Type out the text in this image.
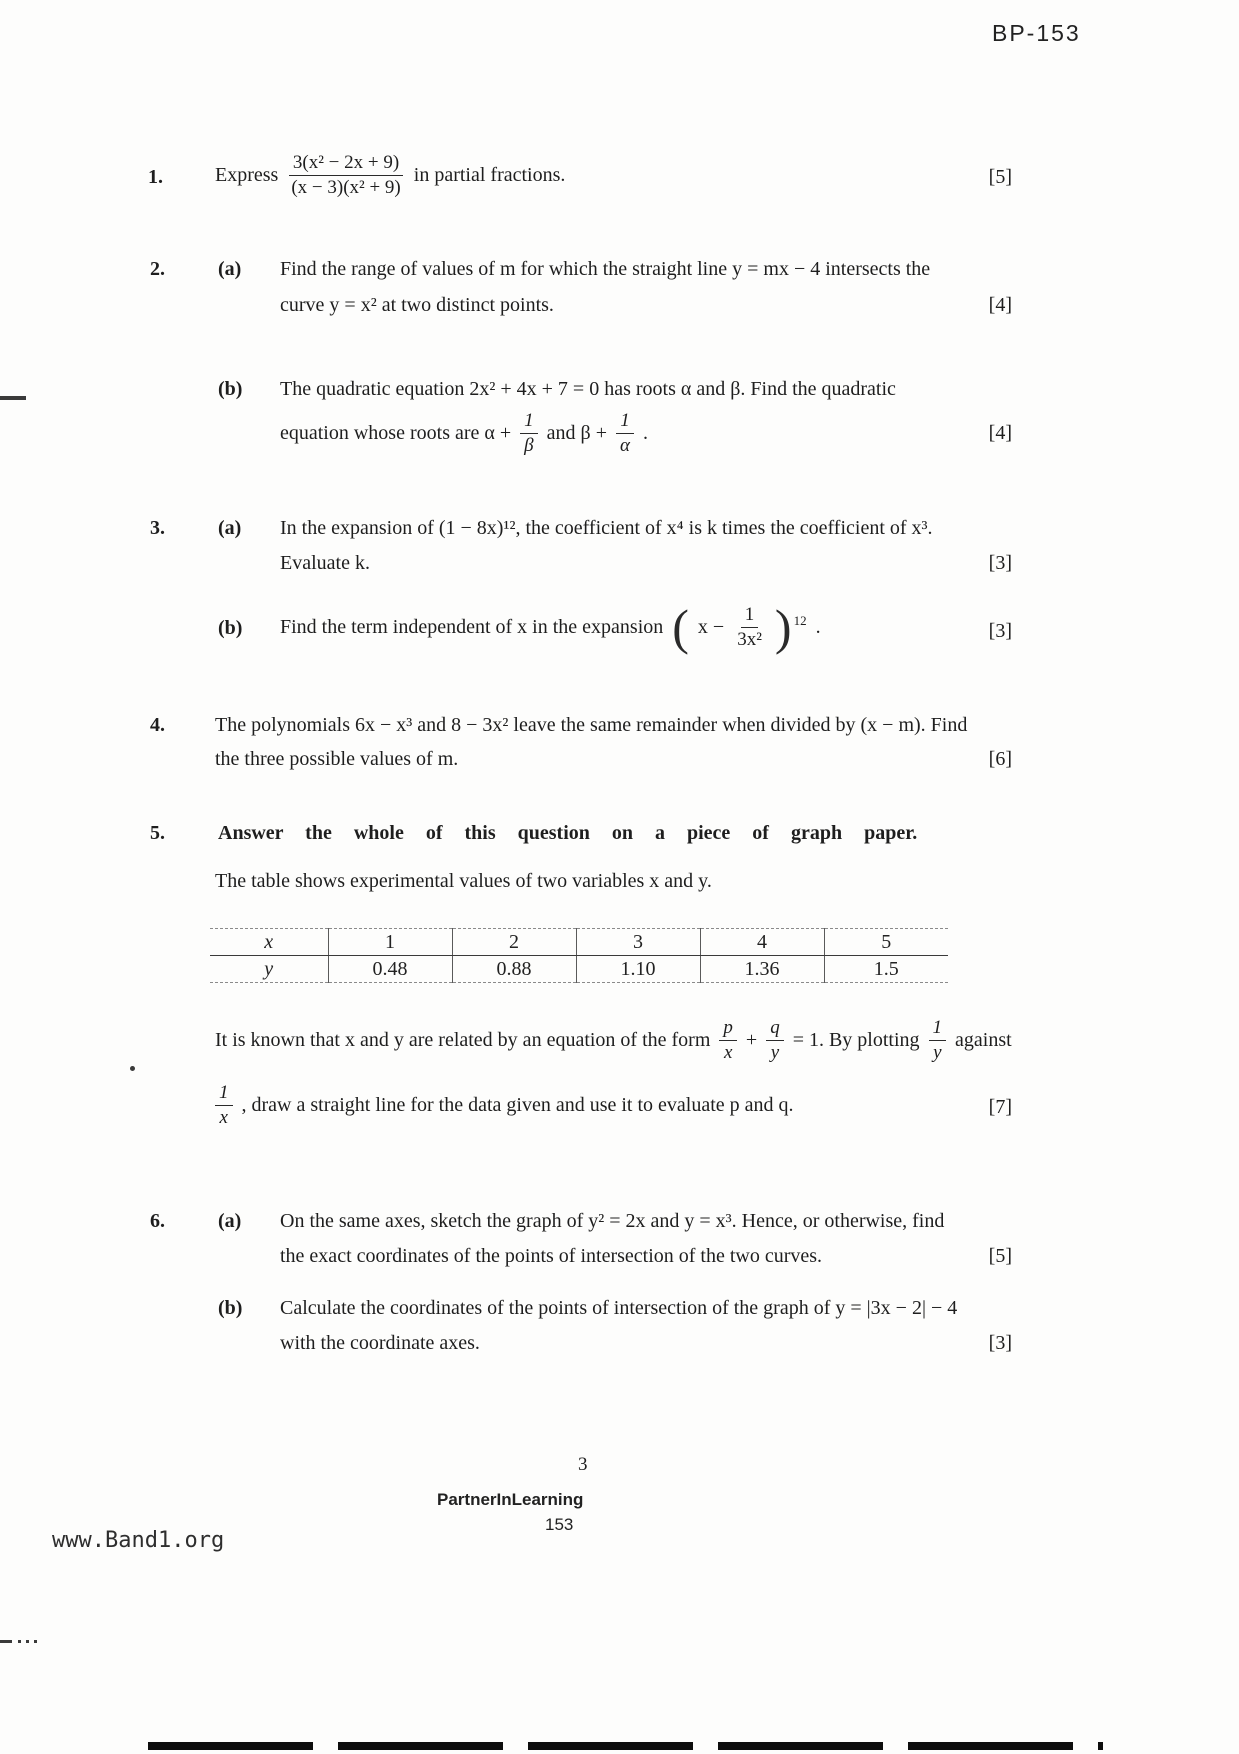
BP-153
1.	Express $\frac{\text{3(x² − 2x + 9)}}{\text{(x − 3)(x² + 9)}}$ in partial fractions.	[5]
2.	(a) Find the range of values of m for which the straight line y = mx − 4 intersects the
curve y = x² at two distinct points.	[4]
(b) The quadratic equation 2x² + 4x + 7 = 0 has roots α and β. Find the quadratic
equation whose roots are $\alpha + \frac{1}{\beta}$ and $\beta + \frac{1}{\alpha}$ .	[4]
3.	(a) In the expansion of (1 − 8x)¹², the coefficient of x⁴ is k times the coefficient of x³.
Evaluate k.	[3]
(b) Find the term independent of x in the expansion ( $x - \frac{1}{\text{3x²}}$ ) 12 .	[3]
4.	The polynomials 6x − x³ and 8 − 3x² leave the same remainder when divided by (x − m). Find
the three possible values of m.	[6]
5.	Answer the whole of this question on a piece of graph paper.
The table shows experimental values of two variables x and y.
x	1	2	3	4	5
y	0.48	0.88	1.10	1.36	1.5
It is known that x and y are related by an equation of the form $\frac{p}{x} + \frac{q}{y} = 1$. By plotting $\frac{1}{y}$ against
$\frac{1}{x}$ , draw a straight line for the data given and use it to evaluate p and q.	[7]
6.	(a) On the same axes, sketch the graph of y² = 2x and y = x³. Hence, or otherwise, find
the exact coordinates of the points of intersection of the two curves.	[5]
(b) Calculate the coordinates of the points of intersection of the graph of y = |3x − 2| − 4
with the coordinate axes.	[3]
3
PartnerInLearning
153
www.Band1.org
